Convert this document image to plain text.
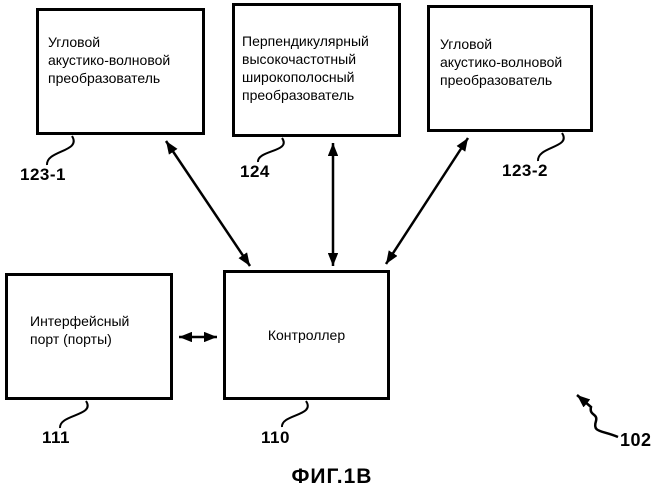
Угловой
акустико-волновой
преобразователь
Перпендикулярный
высокочастотный
широкополосный
преобразователь
Угловой
акустико-волновой
преобразователь
Интерфейсный
порт (порты)	Контроллер
123-1	124	123-2
111	110	102
ФИГ.1В
